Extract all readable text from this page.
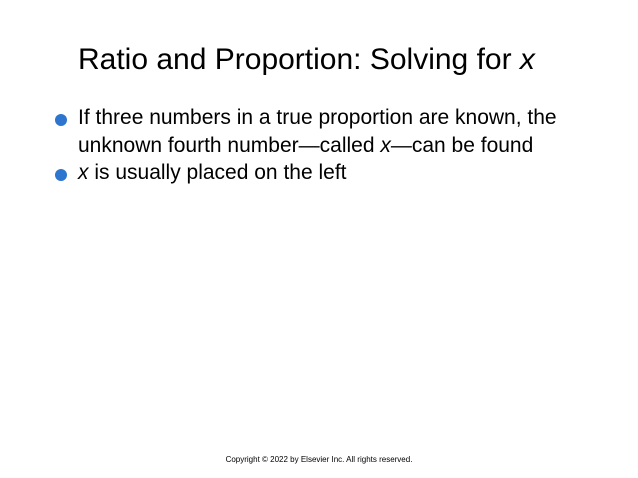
Ratio and Proportion: Solving for x
If three numbers in a true proportion are known, the unknown fourth number—called x—can be found
x is usually placed on the left
Copyright © 2022 by Elsevier Inc. All rights reserved.
